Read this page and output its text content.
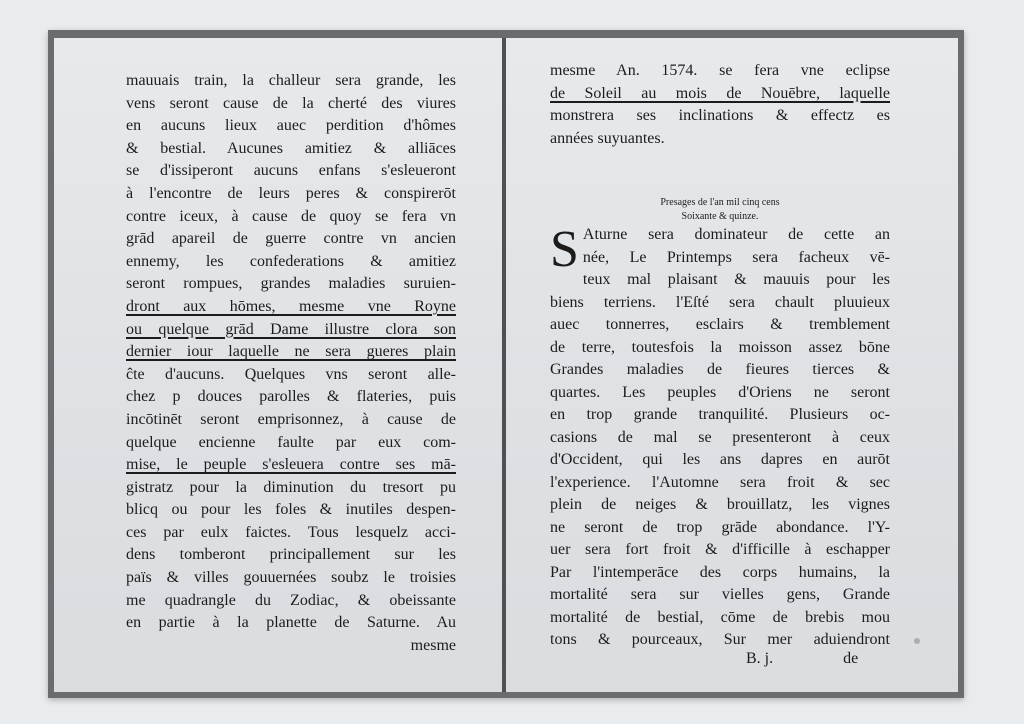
mauuais train, la challeur sera grande, les
vens seront cause de la cherté des viures
en aucuns lieux auec perdition d'hômes
& bestial. Aucunes amitiez & alliāces
se d'issiperont aucuns enfans s'esleueront
à l'encontre de leurs peres & conspirerōt
contre iceux, à cause de quoy se fera vn
grād apareil de guerre contre vn ancien
ennemy, les confederations & amitiez
seront rompues, grandes maladies suruien-
dront aux hōmes, mesme vne Royne
ou quelque grād Dame illustre clora son
dernier iour laquelle ne sera gueres plain
ĉte d'aucuns. Quelques vns seront alle-
chez p douces parolles & flateries, puis
incōtinēt seront emprisonnez, à cause de
quelque encienne faulte par eux com-
mise, le peuple s'esleuera contre ses mā-
gistratz pour la diminution du tresort pu
blicq ou pour les foles & inutiles despen-
ces par eulx faictes. Tous lesquelz acci-
dens tomberont principallement sur les
païs & villes gouuernées soubz le troisies
me quadrangle du Zodiac, & obeissante
en partie à la planette de Saturne. Au
mesme
mesme An. 1574. se fera vne eclipse
de Soleil au mois de Nouēbre, laquelle
monstrera ses inclinations & effectz es
années suyuantes.
Presages de l'an mil cinq cens
Soixante & quinze.
S Aturne sera dominateur de cette an
née, Le Printemps sera facheux vē-
teux mal plaisant & mauuis pour les
biens terriens. l'Eſté sera chault pluuieux
auec tonnerres, esclairs & tremblement
de terre, toutesfois la moisson assez bōne
Grandes maladies de fieures tierces &
quartes. Les peuples d'Oriens ne seront
en trop grande tranquilité. Plusieurs oc-
casions de mal se presenteront à ceux
d'Occident, qui les ans dapres en aurōt
l'experience. l'Automne sera froit & sec
plein de neiges & brouillatz, les vignes
ne seront de trop grāde abondance. l'Y-
uer sera fort froit & d'ifficille à eschapper
Par l'intemperāce des corps humains, la
mortalité sera sur vielles gens, Grande
mortalité de bestial, cōme de brebis mou
tons & pourceaux, Sur mer aduiendront
B. j.	de
